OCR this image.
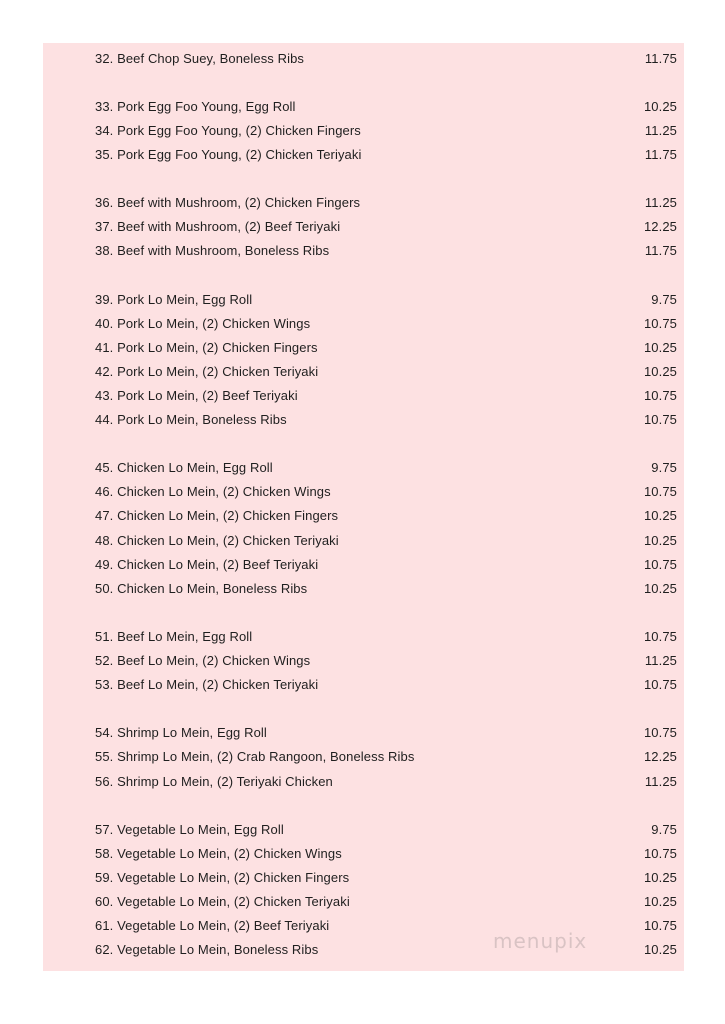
32. Beef Chop Suey, Boneless Ribs	11.75
33. Pork Egg Foo Young, Egg Roll	10.25
34. Pork Egg Foo Young, (2) Chicken Fingers	11.25
35. Pork Egg Foo Young, (2) Chicken Teriyaki	11.75
36. Beef with Mushroom, (2) Chicken Fingers	11.25
37. Beef with Mushroom, (2) Beef Teriyaki	12.25
38. Beef with Mushroom, Boneless Ribs	11.75
39. Pork Lo Mein, Egg Roll	9.75
40. Pork Lo Mein, (2) Chicken Wings	10.75
41. Pork Lo Mein, (2) Chicken Fingers	10.25
42. Pork Lo Mein, (2) Chicken Teriyaki	10.25
43. Pork Lo Mein, (2) Beef Teriyaki	10.75
44. Pork Lo Mein, Boneless Ribs	10.75
45. Chicken Lo Mein, Egg Roll	9.75
46. Chicken Lo Mein, (2) Chicken Wings	10.75
47. Chicken Lo Mein, (2) Chicken Fingers	10.25
48. Chicken Lo Mein, (2) Chicken Teriyaki	10.25
49. Chicken Lo Mein, (2) Beef Teriyaki	10.75
50. Chicken Lo Mein, Boneless Ribs	10.25
51. Beef Lo Mein, Egg Roll	10.75
52. Beef Lo Mein, (2) Chicken Wings	11.25
53. Beef Lo Mein, (2) Chicken Teriyaki	10.75
54. Shrimp Lo Mein, Egg Roll	10.75
55. Shrimp Lo Mein, (2) Crab Rangoon, Boneless Ribs	12.25
56. Shrimp Lo Mein, (2) Teriyaki Chicken	11.25
57. Vegetable Lo Mein, Egg Roll	9.75
58. Vegetable Lo Mein, (2) Chicken Wings	10.75
59. Vegetable Lo Mein, (2) Chicken Fingers	10.25
60. Vegetable Lo Mein, (2) Chicken Teriyaki	10.25
61. Vegetable Lo Mein, (2) Beef Teriyaki	10.75
62. Vegetable Lo Mein, Boneless Ribs	10.25
menupix
